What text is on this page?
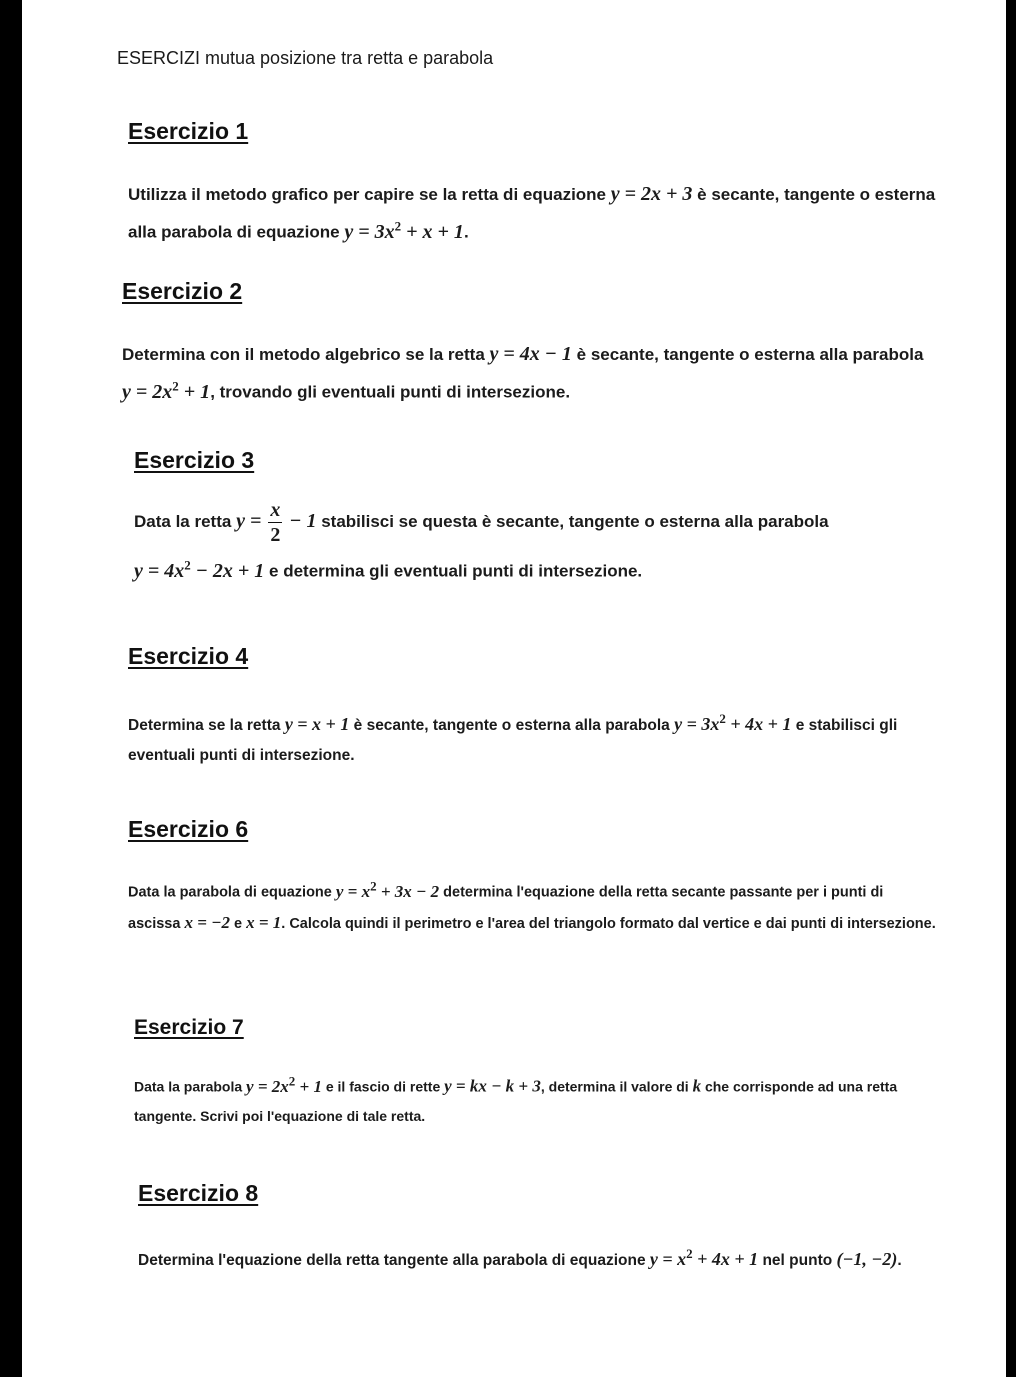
ESERCIZI mutua posizione tra retta e parabola
Esercizio 1

Utilizza il metodo grafico per capire se la retta di equazione y = 2x + 3 è secante, tangente o esterna alla parabola di equazione $y = 3x^2 + x + 1$.

Esercizio 2

Determina con il metodo algebrico se la retta y = 4x − 1 è secante, tangente o esterna alla parabola $y = 2x^2 + 1$, trovando gli eventuali punti di intersezione.

Esercizio 3

Data la retta $y = \frac{x}{2} - 1$ stabilisci se questa è secante, tangente o esterna alla parabola $y = 4x^2 - 2x + 1$ e determina gli eventuali punti di intersezione.

Esercizio 4

Determina se la retta y = x + 1 è secante, tangente o esterna alla parabola $y = 3x^2 + 4x + 1$ e stabilisci gli eventuali punti di intersezione.

Esercizio 6

Data la parabola di equazione $y = x^2 + 3x - 2$ determina l'equazione della retta secante passante per i punti di ascissa x = −2 e x = 1. Calcola quindi il perimetro e l'area del triangolo formato dal vertice e dai punti di intersezione.

Esercizio 7

Data la parabola $y = 2x^2 + 1$ e il fascio di rette y = kx − k + 3, determina il valore di k che corrisponde ad una retta tangente. Scrivi poi l'equazione di tale retta.

Esercizio 8

Determina l'equazione della retta tangente alla parabola di equazione $y = x^2 + 4x + 1$ nel punto (−1, −2).
